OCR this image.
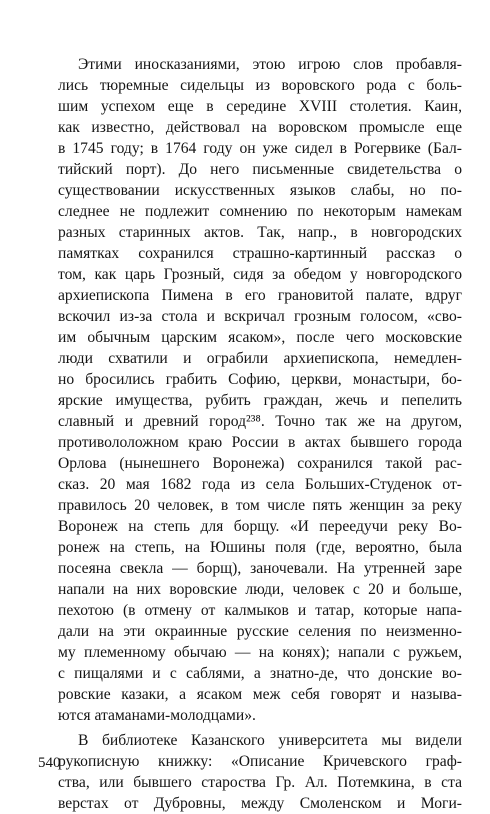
Этими иносказаниями, этою игрою слов пробавля-
лись тюремные сидельцы из воровского рода с боль-
шим успехом еще в середине XVIII столетия. Каин,
как известно, действовал на воровском промысле еще
в 1745 году; в 1764 году он уже сидел в Рогервике (Бал-
тийский порт). До него письменные свидетельства о
существовании искусственных языков слабы, но по-
следнее не подлежит сомнению по некоторым намекам
разных старинных актов. Так, напр., в новгородских
памятках сохранился страшно-картинный рассказ о
том, как царь Грозный, сидя за обедом у новгородского
архиепископа Пимена в его грановитой палате, вдруг
вскочил из-за стола и вскричал грозным голосом, «сво-
им обычным царским ясаком», после чего московские
люди схватили и ограбили архиепископа, немедлен-
но бросились грабить Софию, церкви, монастыри, бо-
ярские имущества, рубить граждан, жечь и пепелить
славный и древний город²³⁸. Точно так же на другом,
противололожном краю России в актах бывшего города
Орлова (нынешнего Воронежа) сохранился такой рас-
сказ. 20 мая 1682 года из села Больших-Студенок от-
правилось 20 человек, в том числе пять женщин за реку
Воронеж на степь для борщу. «И переедучи реку Во-
ронеж на степь, на Юшины поля (где, вероятно, была
посеяна свекла — борщ), заночевали. На утренней заре
напали на них воровские люди, человек с 20 и больше,
пехотою (в отмену от калмыков и татар, которые напа-
дали на эти окраинные русские селения по неизменно-
му племенному обычаю — на конях); напали с ружьем,
с пищалями и с саблями, а знатно-де, что донские во-
ровские казаки, а ясаком меж себя говорят и называ-
ются атаманами-молодцами».
В библиотеке Казанского университета мы видели
рукописную книжку: «Описание Кричевского граф-
ства, или бывшего староства Гр. Ал. Потемкина, в ста
верстах от Дубровны, между Смоленском и Моги-
540
